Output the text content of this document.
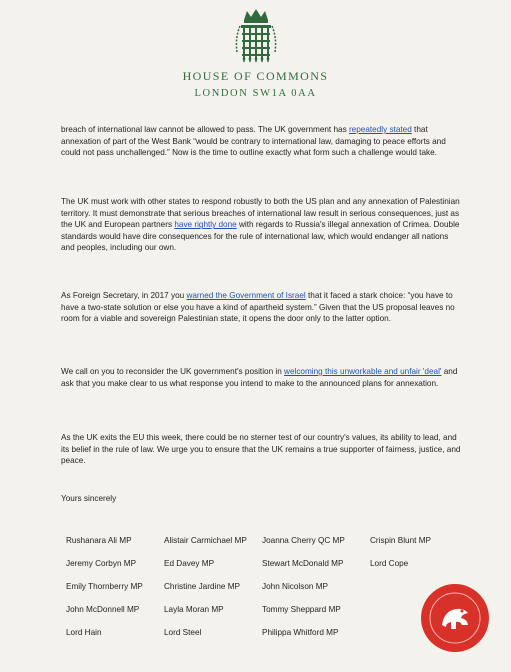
HOUSE OF COMMONS
LONDON SW1A 0AA

breach of international law cannot be allowed to pass. The UK government has repeatedly stated that annexation of part of the West Bank “would be contrary to international law, damaging to peace efforts and could not pass unchallenged.” Now is the time to outline exactly what form such a challenge would take.

The UK must work with other states to respond robustly to both the US plan and any annexation of Palestinian territory. It must demonstrate that serious breaches of international law result in serious consequences, just as the UK and European partners have rightly done with regards to Russia's illegal annexation of Crimea. Double standards would have dire consequences for the rule of international law, which would endanger all nations and peoples, including our own.

As Foreign Secretary, in 2017 you warned the Government of Israel that it faced a stark choice: “you have to have a two-state solution or else you have a kind of apartheid system.” Given that the US proposal leaves no room for a viable and sovereign Palestinian state, it opens the door only to the latter option.

We call on you to reconsider the UK government's position in welcoming this unworkable and unfair 'deal' and ask that you make clear to us what response you intend to make to the announced plans for annexation.

As the UK exits the EU this week, there could be no sterner test of our country's values, its ability to lead, and its belief in the rule of law. We urge you to ensure that the UK remains a true supporter of fairness, justice, and peace.

Yours sincerely
Rushanara Ali MP	Alistair Carmichael MP Joanna Cherry QC MP	Crispin Blunt MP
Jeremy Corbyn MP	Ed Davey MP	Stewart McDonald MP	Lord Cope
Emily Thornberry MP	Christine Jardine MP	John Nicolson MP
John McDonnell MP	Layla Moran MP	Tommy Sheppard MP
Lord Hain	Lord Steel	Philippa Whitford MP
